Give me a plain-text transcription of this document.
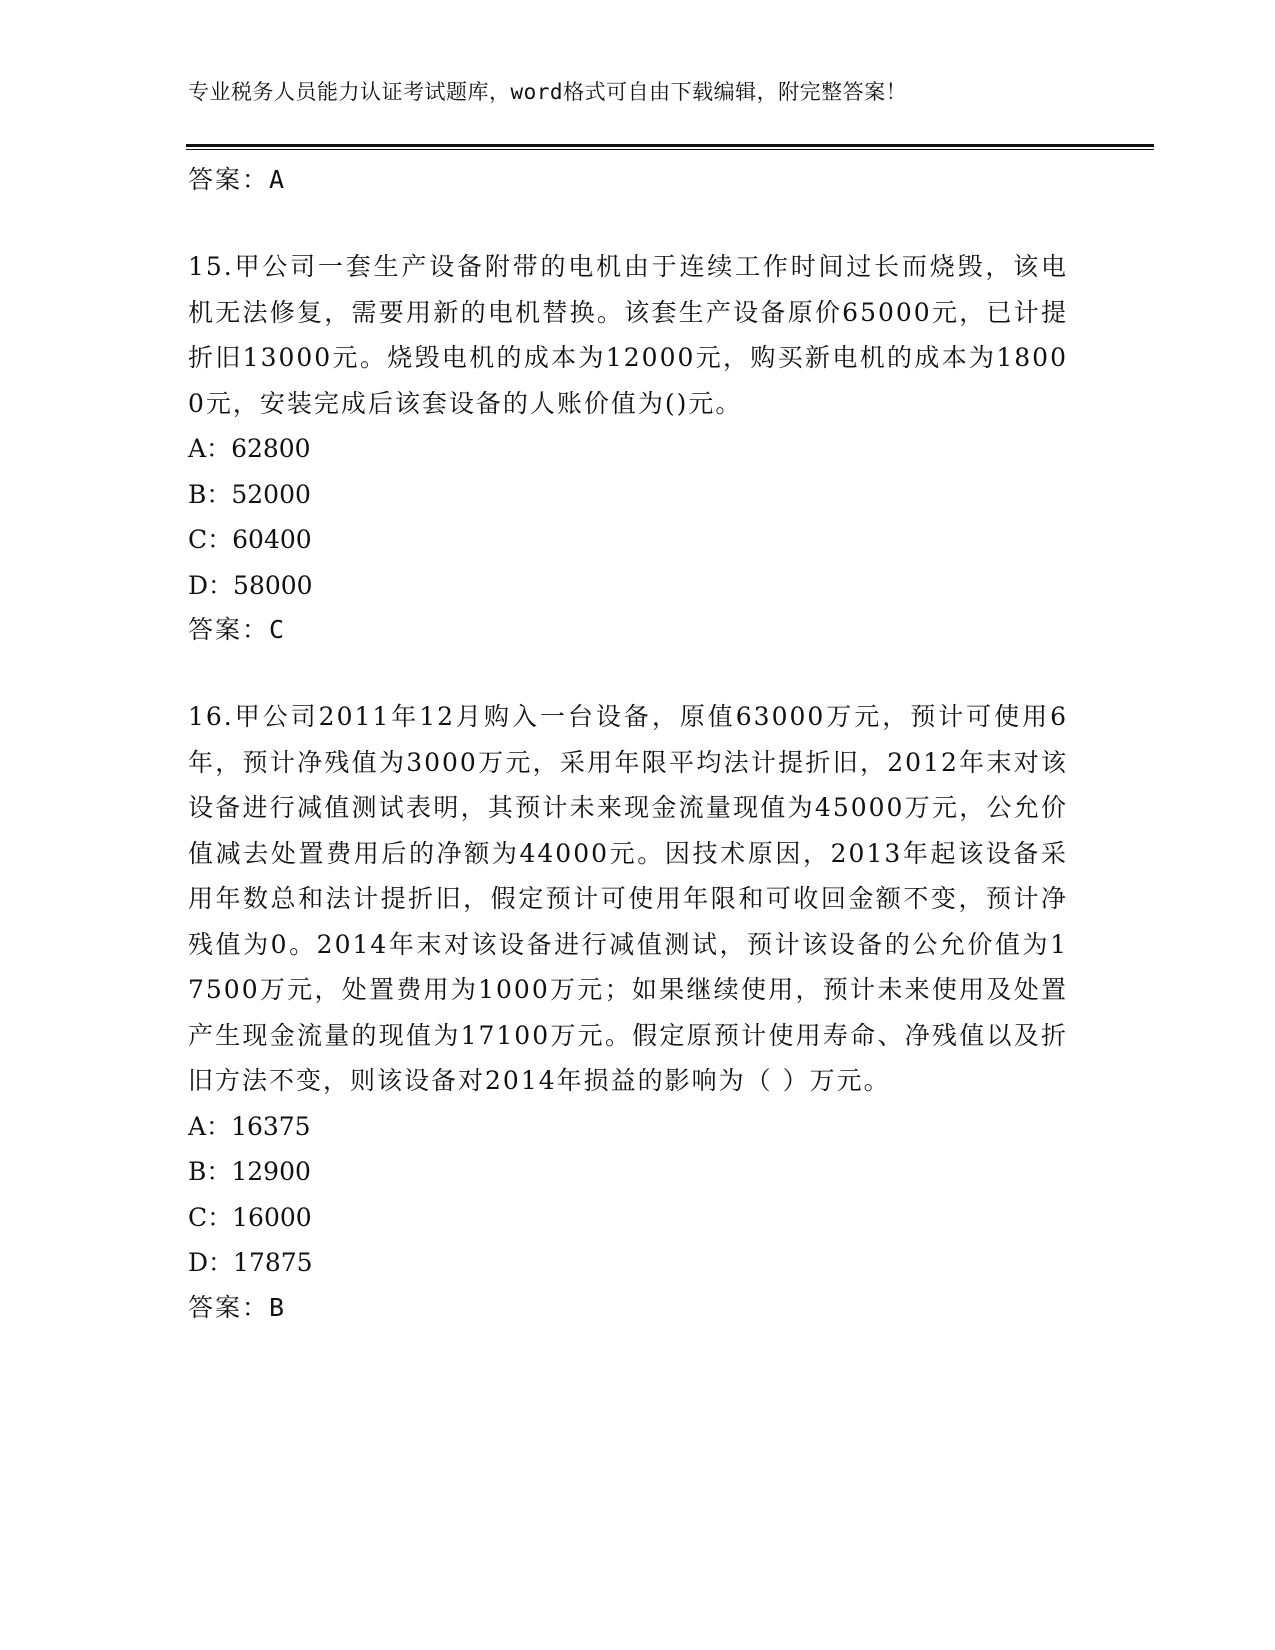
专业税务人员能力认证考试题库，word格式可自由下载编辑，附完整答案！
答案：A
15.甲公司一套生产设备附带的电机由于连续工作时间过长而烧毁，该电机无法修复，需要用新的电机替换。该套生产设备原价65000元，已计提折旧13000元。烧毁电机的成本为12000元，购买新电机的成本为18000元，安装完成后该套设备的人账价值为()元。
A：62800
B：52000
C：60400
D：58000
答案：C
16.甲公司2011年12月购入一台设备，原值63000万元，预计可使用6年，预计净残值为3000万元，采用年限平均法计提折旧，2012年末对该设备进行减值测试表明，其预计未来现金流量现值为45000万元，公允价值减去处置费用后的净额为44000元。因技术原因，2013年起该设备采用年数总和法计提折旧，假定预计可使用年限和可收回金额不变，预计净残值为0。2014年末对该设备进行减值测试，预计该设备的公允价值为17500万元，处置费用为1000万元；如果继续使用，预计未来使用及处置产生现金流量的现值为17100万元。假定原预计使用寿命、净残值以及折旧方法不变，则该设备对2014年损益的影响为（ ）万元。
A：16375
B：12900
C：16000
D：17875
答案：B
